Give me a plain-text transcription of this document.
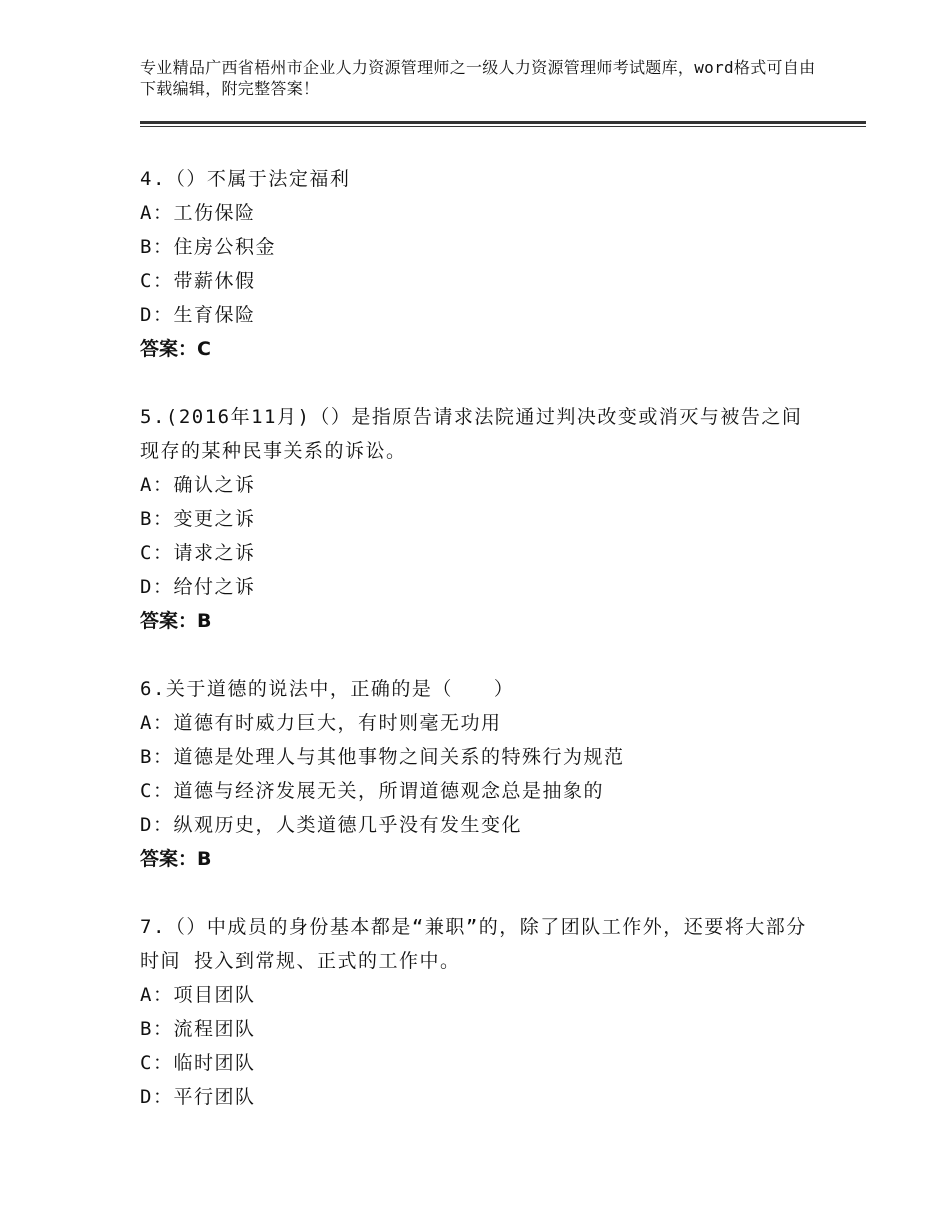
专业精品广西省梧州市企业人力资源管理师之一级人力资源管理师考试题库，word格式可自由下载编辑，附完整答案！
4.（）不属于法定福利
A：工伤保险
B：住房公积金
C：带薪休假
D：生育保险
答案：C
5.(2016年11月)（）是指原告请求法院通过判决改变或消灭与被告之间现存的某种民事关系的诉讼。
A：确认之诉
B：变更之诉
C：请求之诉
D：给付之诉
答案：B
6.关于道德的说法中，正确的是（　　）
A：道德有时威力巨大，有时则毫无功用
B：道德是处理人与其他事物之间关系的特殊行为规范
C：道德与经济发展无关，所谓道德观念总是抽象的
D：纵观历史，人类道德几乎没有发生变化
答案：B
7.（）中成员的身份基本都是“兼职”的，除了团队工作外，还要将大部分时间 投入到常规、正式的工作中。
A：项目团队
B：流程团队
C：临时团队
D：平行团队
